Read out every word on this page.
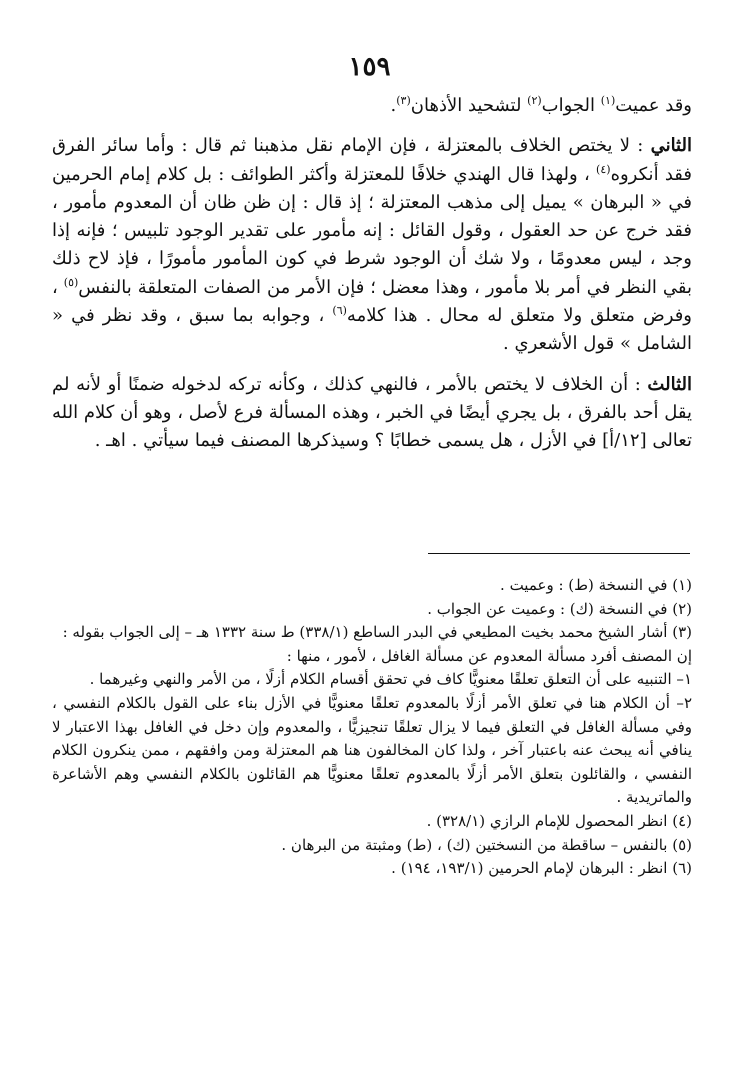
١٥٩

وقد عميت$^{(١)}$ الجواب$^{(٢)}$ لتشحيد الأذهان$^{(٣)}$.

الثاني : لا يختص الخلاف بالمعتزلة ، فإن الإمام نقل مذهبنا ثم قال : وأما سائر الفرق فقد أنكروه$^{(٤)}$ ، ولهذا قال الهندي خلافًا للمعتزلة وأكثر الطوائف : بل كلام إمام الحرمين في « البرهان » يميل إلى مذهب المعتزلة ؛ إذ قال : إن ظن ظان أن المعدوم مأمور ، فقد خرج عن حد العقول ، وقول القائل : إنه مأمور على تقدير الوجود تلبيس ؛ فإنه إذا وجد ، ليس معدومًا ، ولا شك أن الوجود شرط في كون المأمور مأمورًا ، فإذ لاح ذلك بقي النظر في أمر بلا مأمور ، وهذا معضل ؛ فإن الأمر من الصفات المتعلقة بالنفس$^{(٥)}$ ، وفرض متعلق ولا متعلق له محال . هذا كلامه$^{(٦)}$ ، وجوابه بما سبق ، وقد نظر في « الشامل » قول الأشعري .

الثالث : أن الخلاف لا يختص بالأمر ، فالنهي كذلك ، وكأنه تركه لدخوله ضمنًا أو لأنه لم يقل أحد بالفرق ، بل يجري أيضًا في الخبر ، وهذه المسألة فرع لأصل ، وهو أن كلام الله تعالى [١٢/أ] في الأزل ، هل يسمى خطابًا ؟ وسيذكرها المصنف فيما سيأتي . اهـ .

(١) في النسخة (ط) : وعميت .

(٢) في النسخة (ك) : وعميت عن الجواب .

(٣) أشار الشيخ محمد بخيت المطيعي في البدر الساطع (٣٣٨/١) ط سنة ١٣٣٢ هـ – إلى الجواب بقوله :

إن المصنف أفرد مسألة المعدوم عن مسألة الغافل ، لأمور ، منها :

١– التنبيه على أن التعلق تعلقًا معنويًّا كاف في تحقق أقسام الكلام أزلًا ، من الأمر والنهي وغيرهما .

٢– أن الكلام هنا في تعلق الأمر أزلًا بالمعدوم تعلقًا معنويًّا في الأزل بناء على القول بالكلام النفسي ، وفي مسألة الغافل في التعلق فيما لا يزال تعلقًا تنجيزيًّا ، والمعدوم وإن دخل في الغافل بهذا الاعتبار لا ينافي أنه يبحث عنه باعتبار آخر ، ولذا كان المخالفون هنا هم المعتزلة ومن وافقهم ، ممن ينكرون الكلام النفسي ، والقائلون بتعلق الأمر أزلًا بالمعدوم تعلقًا معنويًّا هم القائلون بالكلام النفسي وهم الأشاعرة والماتريدية .

(٤) انظر المحصول للإمام الرازي (٣٢٨/١) .

(٥) بالنفس – ساقطة من النسختين (ك) ، (ط) ومثبتة من البرهان .

(٦) انظر : البرهان لإمام الحرمين (١٩٣/١، ١٩٤) .
